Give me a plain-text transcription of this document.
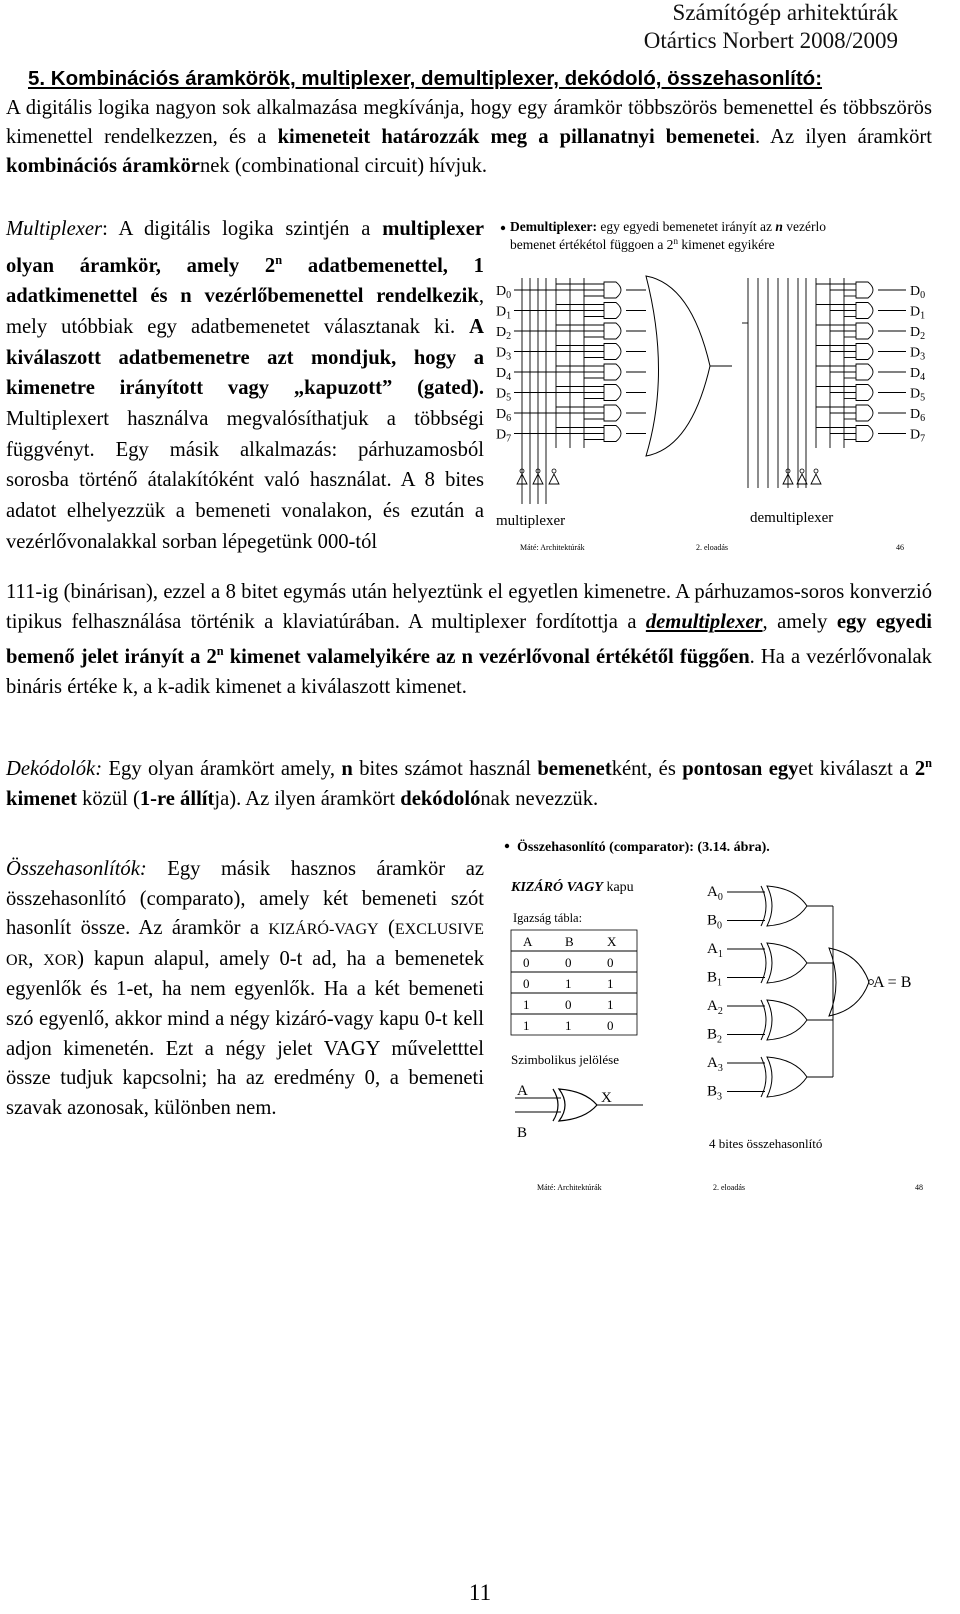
Számítógép arhitektúrák
Otártics Norbert 2008/2009
5. Kombinációs áramkörök, multiplexer, demultiplexer, dekódoló, összehasonlító:
A digitális logika nagyon sok alkalmazása megkívánja, hogy egy áramkör többszörös bemenettel és többszörös kimenettel rendelkezzen, és a kimeneteit határozzák meg a pillanatnyi bemenetei. Az ilyen áramkört kombinációs áramkörnek (combinational circuit) hívjuk.
Multiplexer: A digitális logika szintjén a multiplexer olyan áramkör, amely 2$^n$ adatbemenettel, 1 adatkimenettel és n vezérlőbemenettel rendelkezik, mely utóbbiak egy adatbemenetet választanak ki. A kiválaszott adatbemenetre azt mondjuk, hogy a kimenetre irányított vagy „kapuzott” (gated). Multiplexert használva megvalósíthatjuk a többségi függvényt. Egy másik alkalmazás: párhuzamosból sorosba történő átalakítóként való használat. A 8 bites adatot elhelyezzük a bemeneti vonalakon, és ezután a vezérlővonalakkal sorban lépegetünk 000-tól
111-ig (binárisan), ezzel a 8 bitet egymás után helyeztünk el egyetlen kimenetre. A párhuzamos-soros konverzió tipikus felhasználása történik a klaviatúrában. A multiplexer fordítottja a demultiplexer, amely egy egyedi bemenő jelet irányít a 2$^n$ kimenet valamelyikére az n vezérlővonal értékétől függően. Ha a vezérlővonalak bináris értéke k, a k-adik kimenet a kiválaszott kimenet.
Dekódolók: Egy olyan áramkört amely, n bites számot használ bemenetként, és pontosan egyet kiválaszt a 2$^n$ kimenet közül (1-re állítja). Az ilyen áramkört dekódolónak nevezzük.
Összehasonlítók: Egy másik hasznos áramkör az összehasonlító (comparato), amely két bemeneti szót hasonlít össze. Az áramkör a KIZÁRÓ-VAGY (EXCLUSIVE OR, XOR) kapun alapul, amely 0-t ad, ha a bemenetek egyenlők és 1-et, ha nem egyenlők. Ha a két bemeneti szó egyenlő, akkor mind a négy kizáró-vagy kapu 0-t kell adjon kimenetén. Ezt a négy jelet VAGY műveletttel össze tudjuk kapcsolni; ha az eredmény 0, a bemeneti szavak azonosak, különben nem.
Demultiplexer: egy egyedi bemenetet irányít az n vezérlo
bemenet értékétol függoen a 2$^n$ kimenet egyikére
$D_0$
$D_1$
$D_2$
$D_3$
$D_4$
$D_5$
$D_6$
$D_7$
$D_0$
$D_1$
$D_2$
$D_3$
$D_4$
$D_5$
$D_6$
$D_7$
multiplexer	demultiplexer
Máté: Architektúrák	2. eloadás	46
Összehasonlító (comparator): (3.14. ábra).
KIZÁRÓ VAGY kapu
Igazság tábla:
A	B	X
0	0	0
0	1	1
1	0	1
1	1	0
Szimbolikus jelölése
A
B
X
$A_0$
$B_0$
$A_1$
$B_1$
$A_2$
$B_2$
$A_3$
$B_3$
A = B
4 bites összehasonlító
Máté: Architektúrák	2. eloadás	48
11
